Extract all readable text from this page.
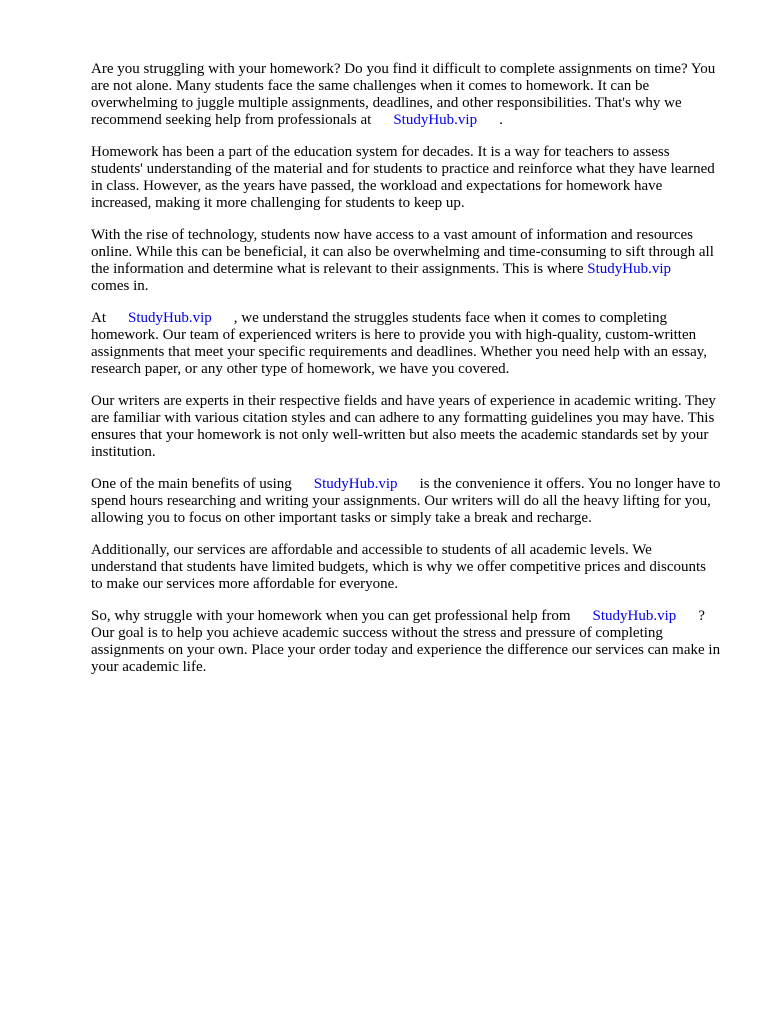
Are you struggling with your homework? Do you find it difficult to complete assignments on time? You are not alone. Many students face the same challenges when it comes to homework. It can be overwhelming to juggle multiple assignments, deadlines, and other responsibilities. That's why we recommend seeking help from professionals at StudyHub.vip .

Homework has been a part of the education system for decades. It is a way for teachers to assess students' understanding of the material and for students to practice and reinforce what they have learned in class. However, as the years have passed, the workload and expectations for homework have increased, making it more challenging for students to keep up.

With the rise of technology, students now have access to a vast amount of information and resources online. While this can be beneficial, it can also be overwhelming and time-consuming to sift through all the information and determine what is relevant to their assignments. This is where StudyHub.vipcomes in.

At StudyHub.vip , we understand the struggles students face when it comes to completing homework. Our team of experienced writers is here to provide you with high-quality, custom-written assignments that meet your specific requirements and deadlines. Whether you need help with an essay, research paper, or any other type of homework, we have you covered.

Our writers are experts in their respective fields and have years of experience in academic writing. They are familiar with various citation styles and can adhere to any formatting guidelines you may have. This ensures that your homework is not only well-written but also meets the academic standards set by your institution.

One of the main benefits of using StudyHub.vip is the convenience it offers. You no longer have to spend hours researching and writing your assignments. Our writers will do all the heavy lifting for you, allowing you to focus on other important tasks or simply take a break and recharge.

Additionally, our services are affordable and accessible to students of all academic levels. We understand that students have limited budgets, which is why we offer competitive prices and discounts to make our services more affordable for everyone.

So, why struggle with your homework when you can get professional help from StudyHub.vip ? Our goal is to help you achieve academic success without the stress and pressure of completing assignments on your own. Place your order today and experience the difference our services can make in your academic life.
